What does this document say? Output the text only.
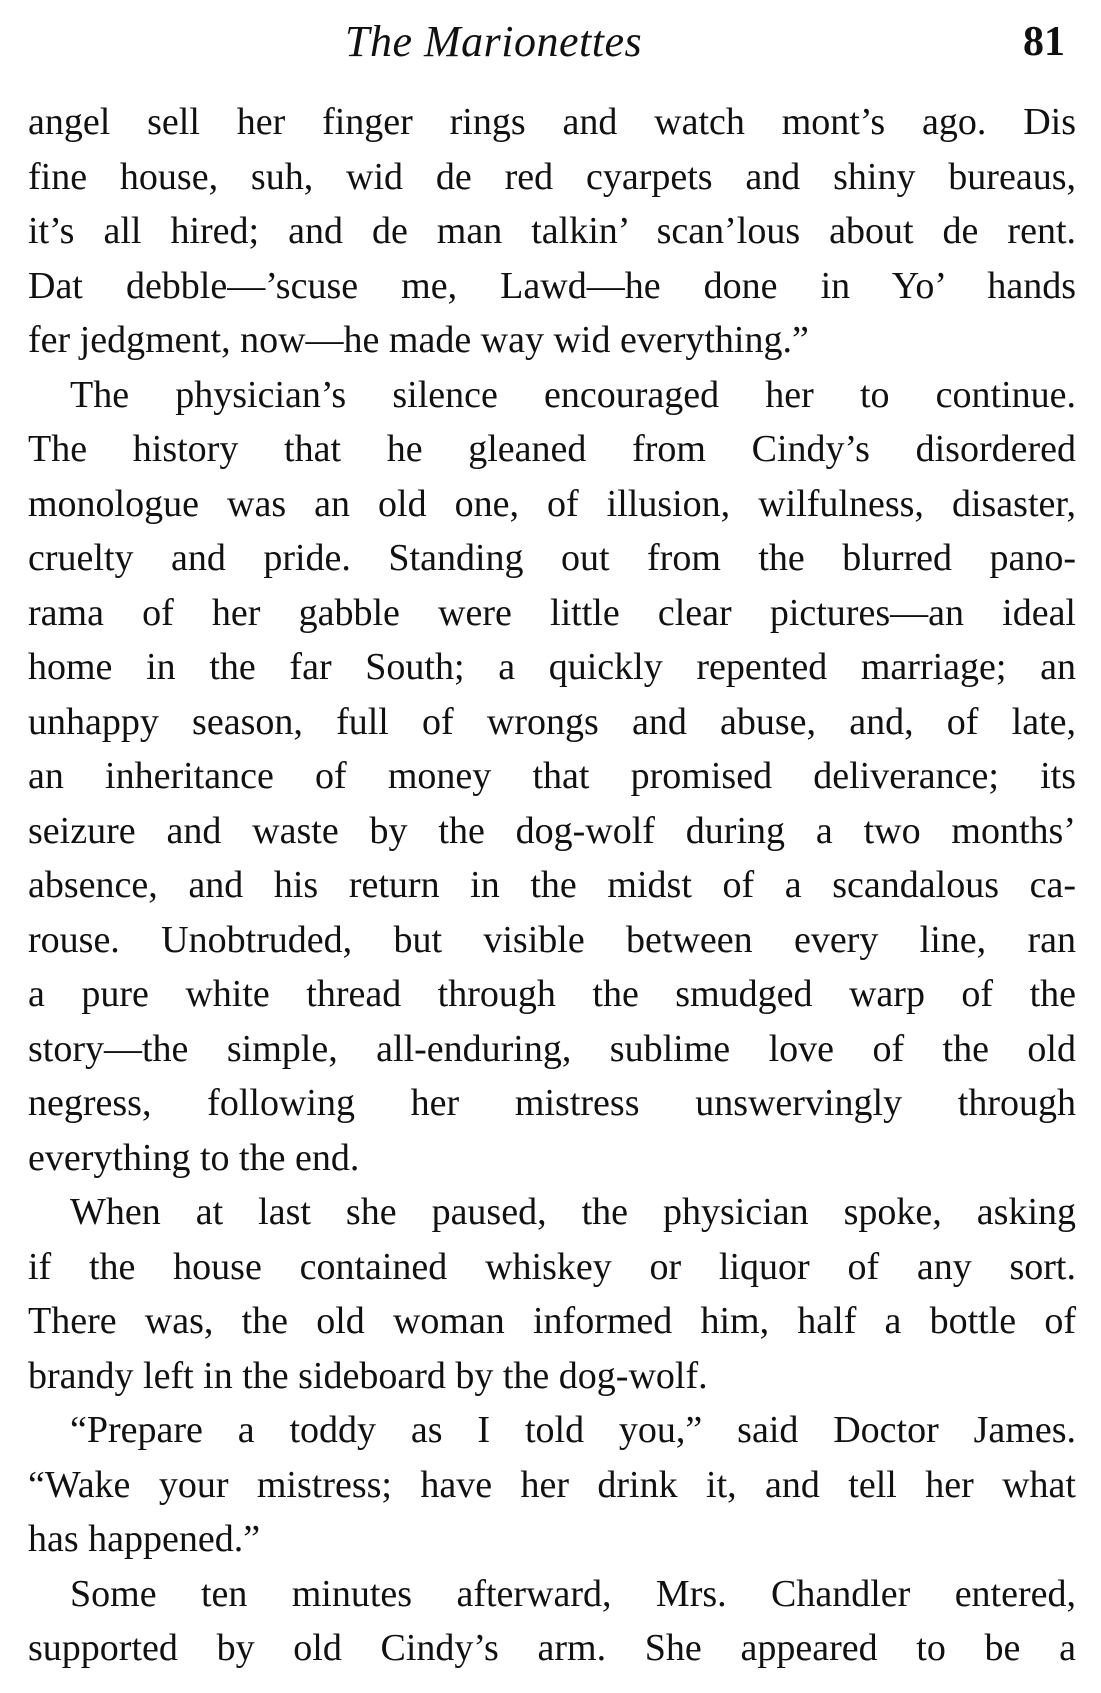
The Marionettes	81
angel sell her finger rings and watch mont’s ago. Dis
fine house, suh, wid de red cyarpets and shiny bureaus,
it’s all hired; and de man talkin’ scan’lous about de rent.
Dat debble—’scuse me, Lawd—he done in Yo’ hands
fer jedgment, now—he made way wid everything.”
The physician’s silence encouraged her to continue.
The history that he gleaned from Cindy’s disordered
monologue was an old one, of illusion, wilfulness, disaster,
cruelty and pride. Standing out from the blurred pano-
rama of her gabble were little clear pictures—an ideal
home in the far South; a quickly repented marriage; an
unhappy season, full of wrongs and abuse, and, of late,
an inheritance of money that promised deliverance; its
seizure and waste by the dog-wolf during a two months’
absence, and his return in the midst of a scandalous ca-
rouse. Unobtruded, but visible between every line, ran
a pure white thread through the smudged warp of the
story—the simple, all-enduring, sublime love of the old
negress, following her mistress unswervingly through
everything to the end.
When at last she paused, the physician spoke, asking
if the house contained whiskey or liquor of any sort.
There was, the old woman informed him, half a bottle of
brandy left in the sideboard by the dog-wolf.
“Prepare a toddy as I told you,” said Doctor James.
“Wake your mistress; have her drink it, and tell her what
has happened.”
Some ten minutes afterward, Mrs. Chandler entered,
supported by old Cindy’s arm. She appeared to be a
